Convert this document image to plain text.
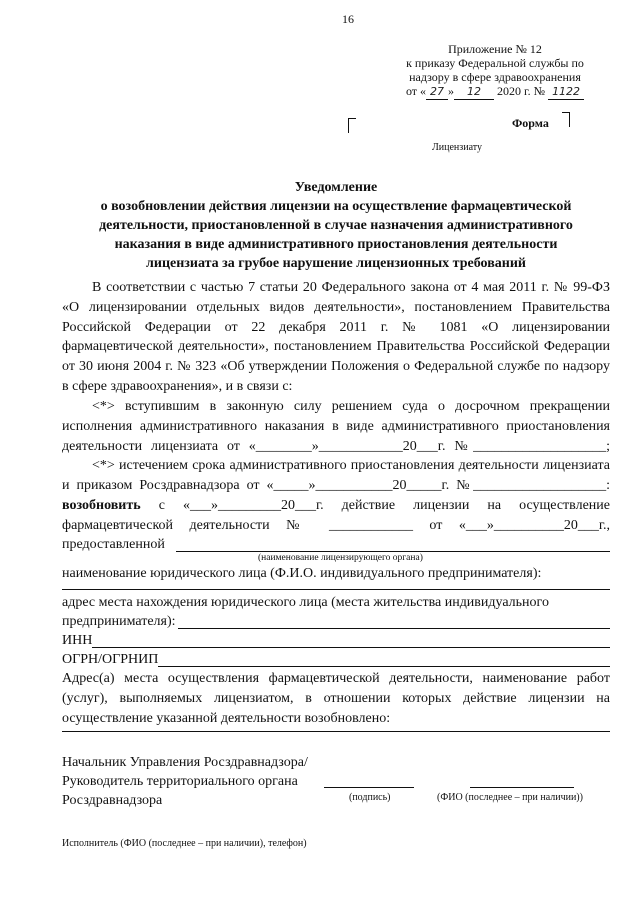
16
Приложение № 12
к приказу Федеральной службы по
надзору в сфере здравоохранения
от « 27 » 12 2020 г. № 1122
Форма
Лицензиату
Уведомление
о возобновлении действия лицензии на осуществление фармацевтической
деятельности, приостановленной в случае назначения административного
наказания в виде административного приостановления деятельности
лицензиата за грубое нарушение лицензионных требований
В соответствии с частью 7 статьи 20 Федерального закона от 4 мая 2011 г. № 99-ФЗ
«О лицензировании отдельных видов деятельности», постановлением Правительства
Российской Федерации от 22 декабря 2011 г. № 1081 «О лицензировании
фармацевтической деятельности», постановлением Правительства Российской Федерации
от 30 июня 2004 г. № 323 «Об утверждении Положения о Федеральной службе по надзору
в сфере здравоохранения», и в связи с:
<*> вступившим в законную силу решением суда о досрочном прекращении
исполнения административного наказания в виде административного приостановления
деятельности лицензиата от «________»____________20___г. №___________________;
<*> истечением срока административного приостановления деятельности лицензиата
и приказом Росздравнадзора от «_____»___________20_____г. №___________________:
возобновить с «___»_________20___г. действие лицензии на осуществление
фармацевтической деятельности № ____________ от «___»__________20___г.,
предоставленной
(наименование лицензирующего органа)
наименование юридического лица (Ф.И.О. индивидуального предпринимателя):
адрес места нахождения юридического лица (места жительства индивидуального
предпринимателя):
ИНН
ОГРН/ОГРНИП
Адрес(а) места осуществления фармацевтической деятельности, наименование работ
(услуг), выполняемых лицензиатом, в отношении которых действие лицензии на
осуществление указанной деятельности возобновлено:
Начальник Управления Росздравнадзора/
Руководитель территориального органа
Росздравнадзора	(подпись)	(ФИО (последнее – при наличии))
Исполнитель (ФИО (последнее – при наличии), телефон)
